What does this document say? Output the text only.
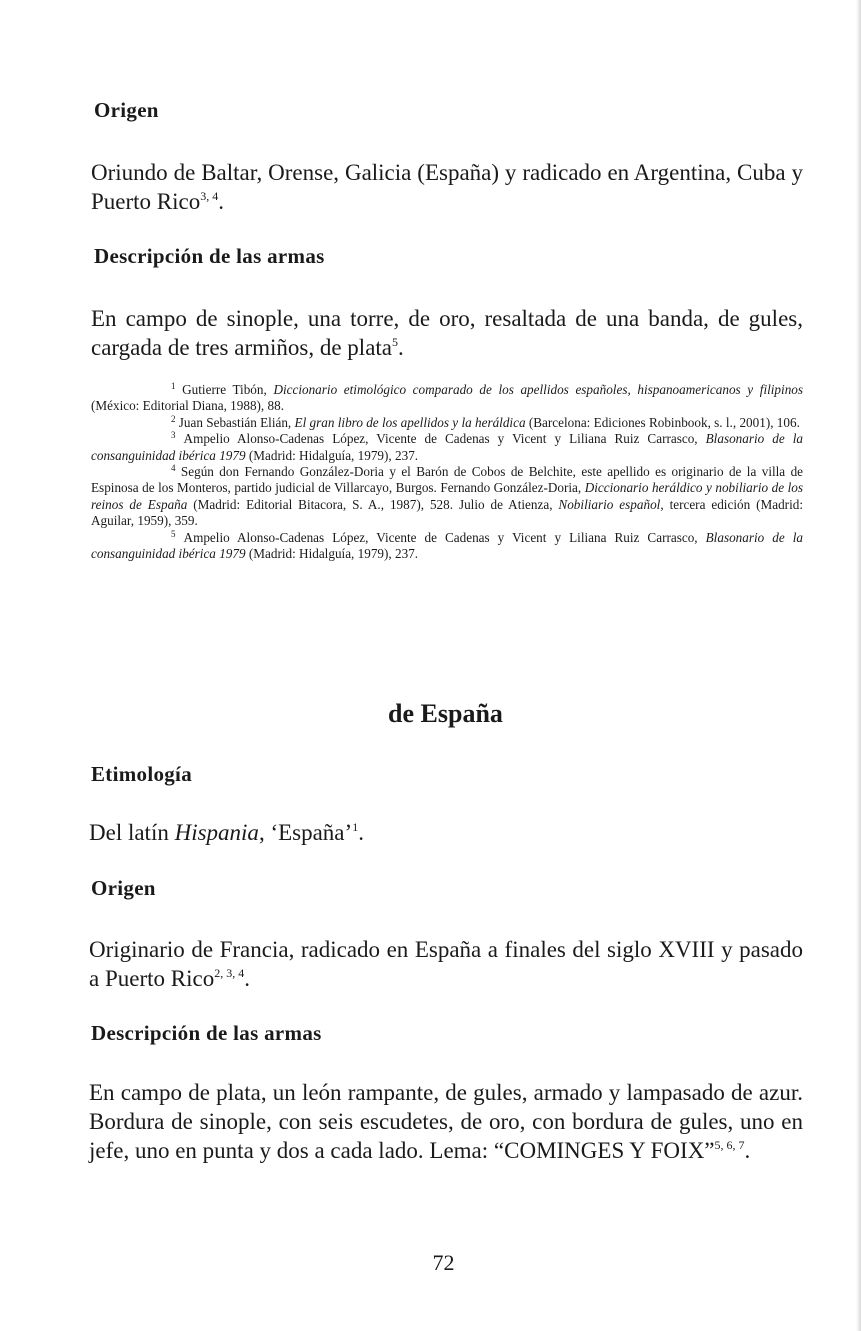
Origen

Oriundo de Baltar, Orense, Galicia (España) y radicado en Argentina, Cuba y Puerto Rico$^{3, 4}$.

Descripción de las armas

En campo de sinople, una torre, de oro, resaltada de una banda, de gules, cargada de tres armiños, de plata$^5$.

$^1$ Gutierre Tibón, Diccionario etimológico comparado de los apellidos españoles, hispanoamericanos y filipinos (México: Editorial Diana, 1988), 88.

$^2$ Juan Sebastián Elián, El gran libro de los apellidos y la heráldica (Barcelona: Ediciones Robinbook, s. l., 2001), 106.

$^3$ Ampelio Alonso-Cadenas López, Vicente de Cadenas y Vicent y Liliana Ruiz Carrasco, Blasonario de la consanguinidad ibérica 1979 (Madrid: Hidalguía, 1979), 237.

$^4$ Según don Fernando González-Doria y el Barón de Cobos de Belchite, este apellido es originario de la villa de Espinosa de los Monteros, partido judicial de Villarcayo, Burgos. Fernando González-Doria, Diccionario heráldico y nobiliario de los reinos de España (Madrid: Editorial Bitacora, S. A., 1987), 528. Julio de Atienza, Nobiliario español, tercera edición (Madrid: Aguilar, 1959), 359.

$^5$ Ampelio Alonso-Cadenas López, Vicente de Cadenas y Vicent y Liliana Ruiz Carrasco, Blasonario de la consanguinidad ibérica 1979 (Madrid: Hidalguía, 1979), 237.

de España
Etimología

Del latín Hispania, ‘España’$^1$.

Origen

Originario de Francia, radicado en España a finales del siglo XVIII y pasado a Puerto Rico$^{2, 3, 4}$.

Descripción de las armas

En campo de plata, un león rampante, de gules, armado y lampasado de azur. Bordura de sinople, con seis escudetes, de oro, con bordura de gules, uno en jefe, uno en punta y dos a cada lado. Lema: “COMINGES Y FOIX”$^{5, 6, 7}$.

72
